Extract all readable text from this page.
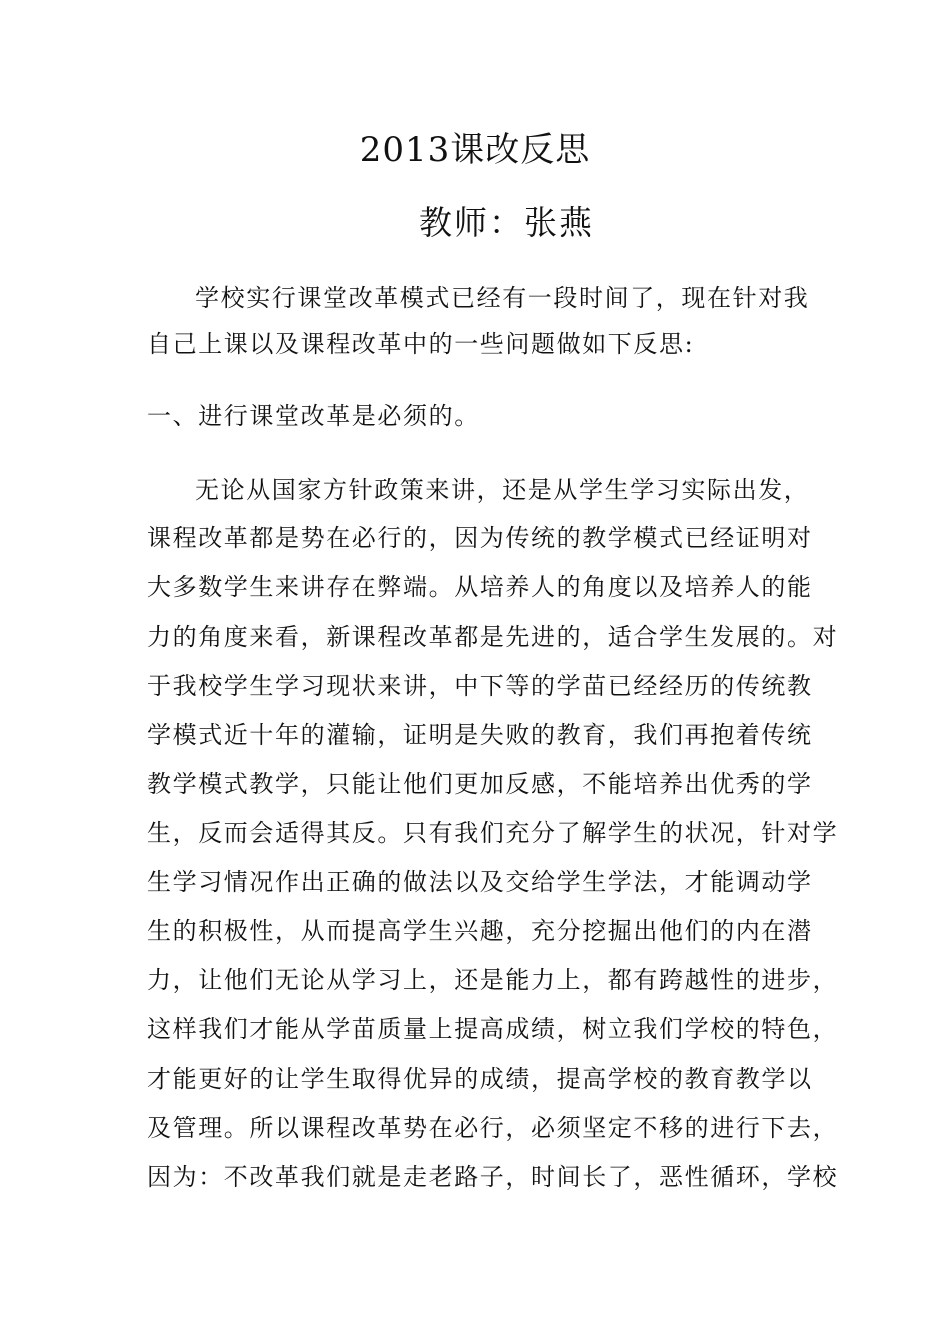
2013课改反思
教师：张燕
学校实行课堂改革模式已经有一段时间了，现在针对我
自己上课以及课程改革中的一些问题做如下反思:
一、进行课堂改革是必须的。
无论从国家方针政策来讲，还是从学生学习实际出发，
课程改革都是势在必行的，因为传统的教学模式已经证明对
大多数学生来讲存在弊端。从培养人的角度以及培养人的能
力的角度来看，新课程改革都是先进的，适合学生发展的。对
于我校学生学习现状来讲，中下等的学苗已经经历的传统教
学模式近十年的灌输，证明是失败的教育，我们再抱着传统
教学模式教学，只能让他们更加反感，不能培养出优秀的学
生，反而会适得其反。只有我们充分了解学生的状况，针对学
生学习情况作出正确的做法以及交给学生学法，才能调动学
生的积极性，从而提高学生兴趣，充分挖掘出他们的内在潜
力，让他们无论从学习上，还是能力上，都有跨越性的进步，
这样我们才能从学苗质量上提高成绩，树立我们学校的特色，
才能更好的让学生取得优异的成绩，提高学校的教育教学以
及管理。所以课程改革势在必行，必须坚定不移的进行下去，
因为：不改革我们就是走老路子，时间长了，恶性循环，学校
